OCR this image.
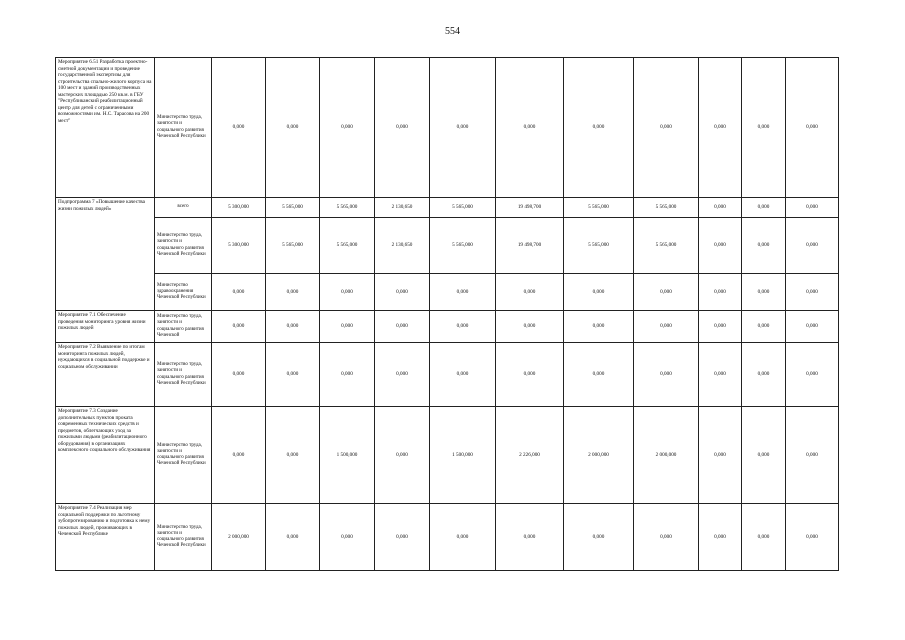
554
Мероприятие 6.51 Разработка проектно-сметной документации и проведение государственной экспертизы для строительства спально-жилого корпуса на 100 мест и зданий производственных мастерских площадью 250 кв.м. в ГБУ "Республиканский реабилитационный центр для детей с ограниченными возможностями им. Н.С. Тарасова на 200 мест"	Министерство труда, занятости и социального развития Чеченской Республики	0,000	0,000	0,000	0,000	0,000	0,000	0,000	0,000	0,000	0,000	0,000
Подпрограмма 7 «Повышение качества жизни пожилых людей»	всего	5 300,000	5 565,000	5 565,000	2 130,650	5 565,000	19 498,700	5 565,000	5 565,000	0,000	0,000	0,000
	Министерство труда, занятости и социального развития Чеченской Республики	5 300,000	5 565,000	5 565,000	2 130,650	5 565,000	19 498,700	5 565,000	5 565,000	0,000	0,000	0,000
	Министерство здравоохранения Чеченской Республики	0,000	0,000	0,000	0,000	0,000	0,000	0,000	0,000	0,000	0,000	0,000
Мероприятие 7.1 Обеспечение проведения мониторинга уровня жизни пожилых людей	Министерство труда, занятости и социального развития Чеченской	0,000	0,000	0,000	0,000	0,000	0,000	0,000	0,000	0,000	0,000	0,000
Мероприятие 7.2 Выявление по итогам мониторинга пожилых людей, нуждающихся в социальной поддержке и социальном обслуживании	Министерство труда, занятости и социального развития Чеченской Республики	0,000	0,000	0,000	0,000	0,000	0,000	0,000	0,000	0,000	0,000	0,000
Мероприятие 7.3 Создание дополнительных пунктов проката современных технических средств и предметов, облегчающих уход за пожилыми людьми (реабилитационного оборудования) в организациях комплексного социального обслуживания	Министерство труда, занятости и социального развития Чеченской Республики	0,000	0,000	1 500,000	0,000	1 500,000	2 226,000	2 000,000	2 000,000	0,000	0,000	0,000
Мероприятие 7.4 Реализация мер социальной поддержки по льготному зубопротезированию и подготовка к нему пожилых людей, проживающих в Чеченской Республике	Министерство труда, занятости и социального развития Чеченской Республики	2 000,000	0,000	0,000	0,000	0,000	0,000	0,000	0,000	0,000	0,000	0,000
